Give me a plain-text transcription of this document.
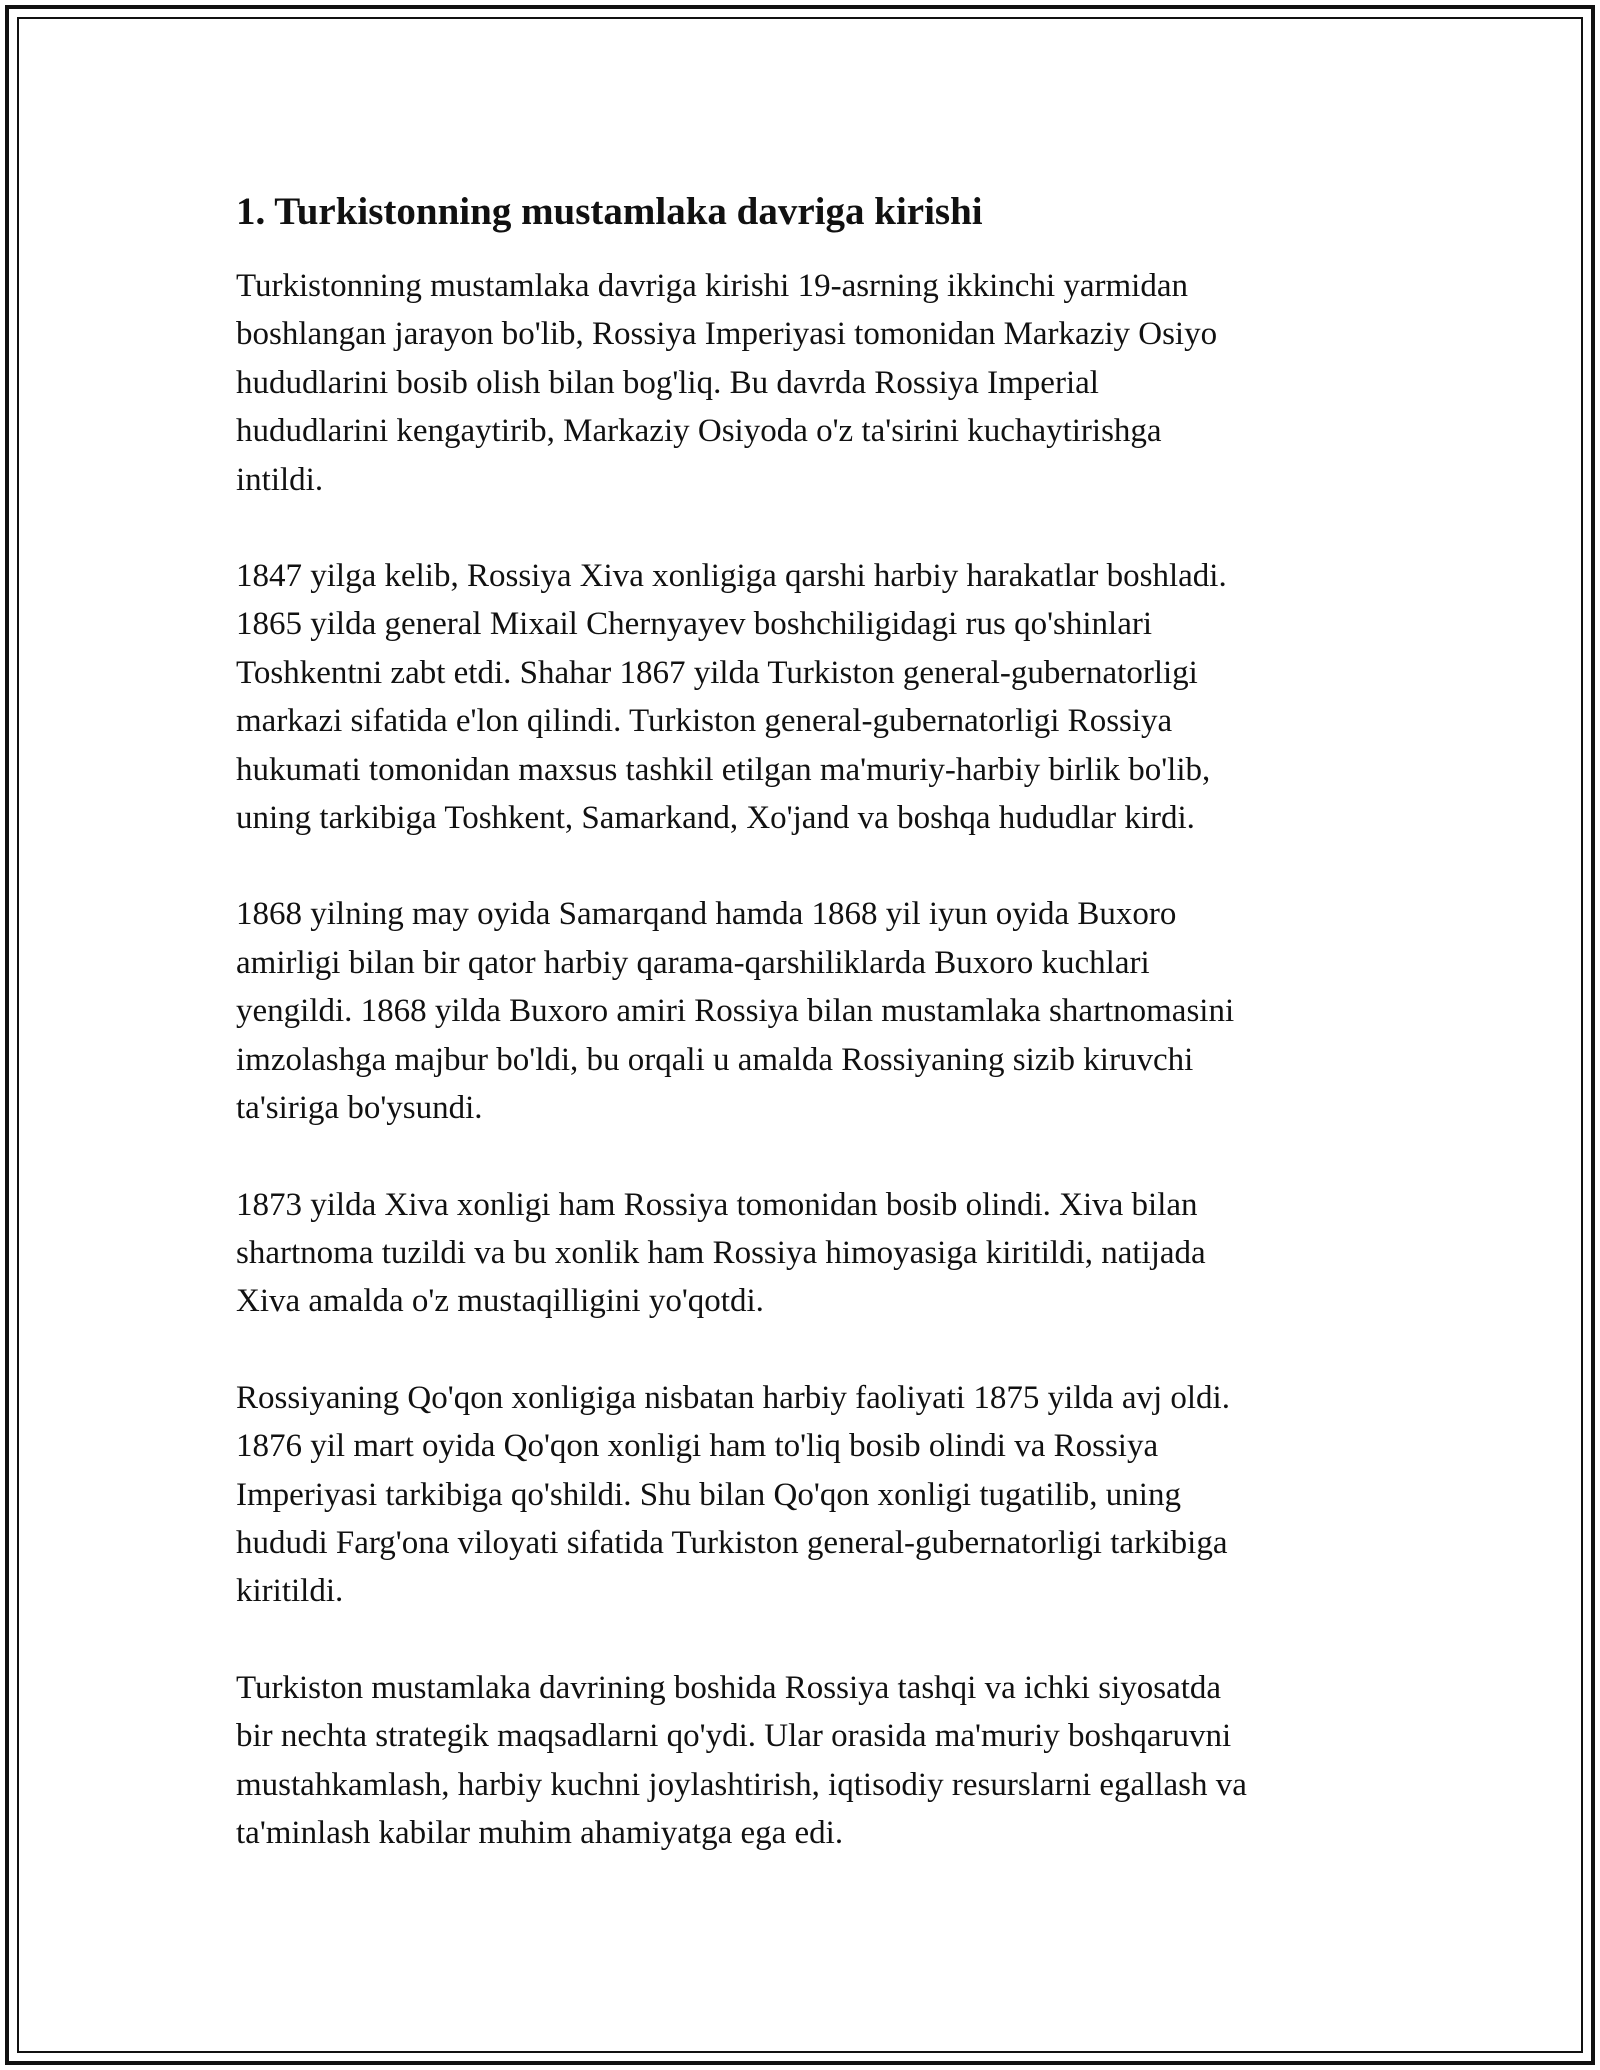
1. Turkistonning mustamlaka davriga kirishi

Turkistonning mustamlaka davriga kirishi 19-asrning ikkinchi yarmidan
boshlangan jarayon bo'lib, Rossiya Imperiyasi tomonidan Markaziy Osiyo
hududlarini bosib olish bilan bog'liq. Bu davrda Rossiya Imperial
hududlarini kengaytirib, Markaziy Osiyoda o'z ta'sirini kuchaytirishga
intildi.

1847 yilga kelib, Rossiya Xiva xonligiga qarshi harbiy harakatlar boshladi.
1865 yilda general Mixail Chernyayev boshchiligidagi rus qo'shinlari
Toshkentni zabt etdi. Shahar 1867 yilda Turkiston general-gubernatorligi
markazi sifatida e'lon qilindi. Turkiston general-gubernatorligi Rossiya
hukumati tomonidan maxsus tashkil etilgan ma'muriy-harbiy birlik bo'lib,
uning tarkibiga Toshkent, Samarkand, Xo'jand va boshqa hududlar kirdi.

1868 yilning may oyida Samarqand hamda 1868 yil iyun oyida Buxoro
amirligi bilan bir qator harbiy qarama-qarshiliklarda Buxoro kuchlari
yengildi. 1868 yilda Buxoro amiri Rossiya bilan mustamlaka shartnomasini
imzolashga majbur bo'ldi, bu orqali u amalda Rossiyaning sizib kiruvchi
ta'siriga bo'ysundi.

1873 yilda Xiva xonligi ham Rossiya tomonidan bosib olindi. Xiva bilan
shartnoma tuzildi va bu xonlik ham Rossiya himoyasiga kiritildi, natijada
Xiva amalda o'z mustaqilligini yo'qotdi.

Rossiyaning Qo'qon xonligiga nisbatan harbiy faoliyati 1875 yilda avj oldi.
1876 yil mart oyida Qo'qon xonligi ham to'liq bosib olindi va Rossiya
Imperiyasi tarkibiga qo'shildi. Shu bilan Qo'qon xonligi tugatilib, uning
hududi Farg'ona viloyati sifatida Turkiston general-gubernatorligi tarkibiga
kiritildi.

Turkiston mustamlaka davrining boshida Rossiya tashqi va ichki siyosatda
bir nechta strategik maqsadlarni qo'ydi. Ular orasida ma'muriy boshqaruvni
mustahkamlash, harbiy kuchni joylashtirish, iqtisodiy resurslarni egallash va
ta'minlash kabilar muhim ahamiyatga ega edi.
